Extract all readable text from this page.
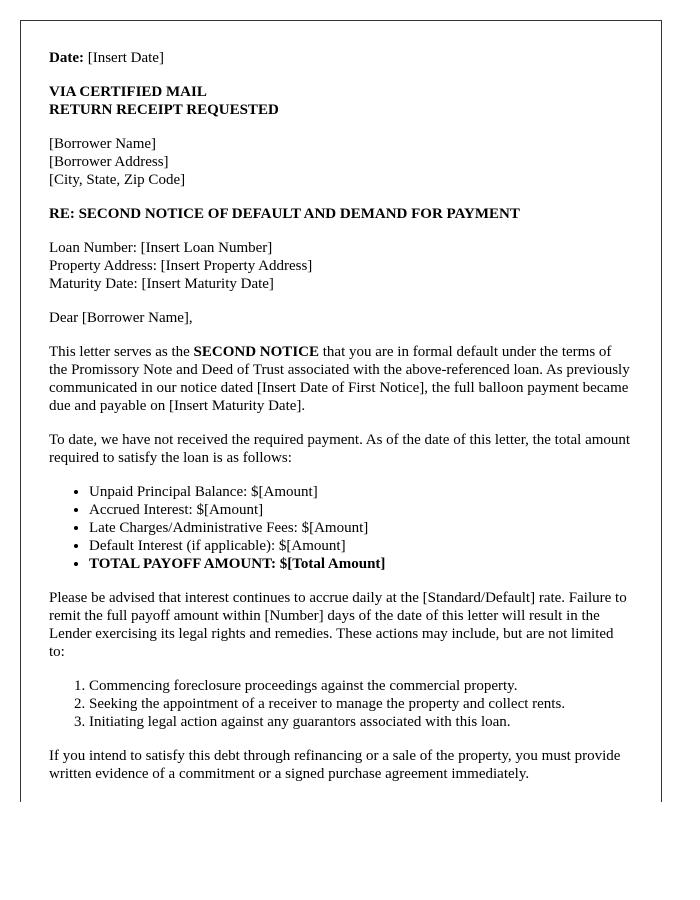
Date: [Insert Date]

VIA CERTIFIED MAIL
RETURN RECEIPT REQUESTED

[Borrower Name]
[Borrower Address]
[City, State, Zip Code]

RE: SECOND NOTICE OF DEFAULT AND DEMAND FOR PAYMENT

Loan Number: [Insert Loan Number]
Property Address: [Insert Property Address]
Maturity Date: [Insert Maturity Date]

Dear [Borrower Name],

This letter serves as the SECOND NOTICE that you are in formal default under the terms of the Promissory Note and Deed of Trust associated with the above-referenced loan. As previously communicated in our notice dated [Insert Date of First Notice], the full balloon payment became due and payable on [Insert Maturity Date].

To date, we have not received the required payment. As of the date of this letter, the total amount required to satisfy the loan is as follows:

• Unpaid Principal Balance: $[Amount]
• Accrued Interest: $[Amount]
• Late Charges/Administrative Fees: $[Amount]
• Default Interest (if applicable): $[Amount]
• TOTAL PAYOFF AMOUNT: $[Total Amount]

Please be advised that interest continues to accrue daily at the [Standard/Default] rate. Failure to remit the full payoff amount within [Number] days of the date of this letter will result in the Lender exercising its legal rights and remedies. These actions may include, but are not limited to:

1. Commencing foreclosure proceedings against the commercial property.
2. Seeking the appointment of a receiver to manage the property and collect rents.
3. Initiating legal action against any guarantors associated with this loan.

If you intend to satisfy this debt through refinancing or a sale of the property, you must provide written evidence of a commitment or a signed purchase agreement immediately.
